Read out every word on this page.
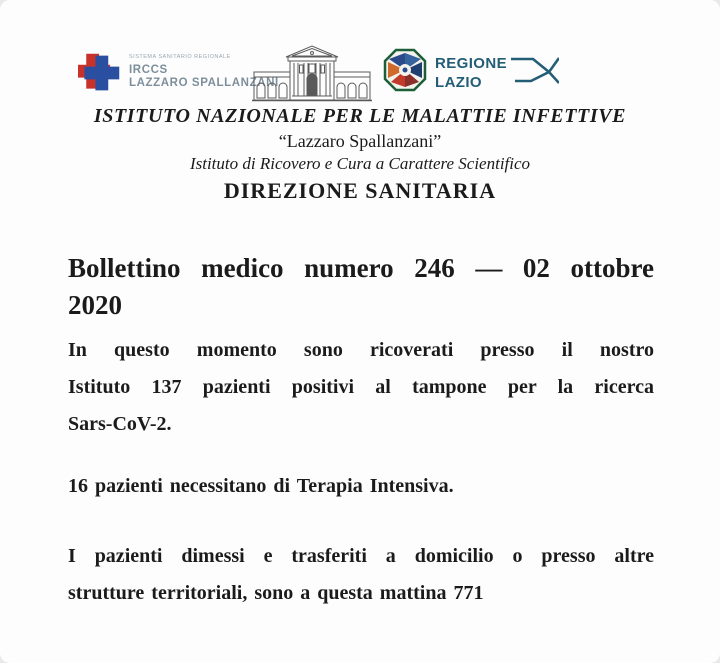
SISTEMA SANITARIO REGIONALE
IRCCS
LAZZARO SPALLANZANI
REGIONE
LAZIO
ISTITUTO NAZIONALE PER LE MALATTIE INFETTIVE
“Lazzaro Spallanzani”
Istituto di Ricovero e Cura a Carattere Scientifico
DIREZIONE SANITARIA
Bollettino medico numero 246 — 02 ottobre
2020
In questo momento sono ricoverati presso il nostro
Istituto 137 pazienti positivi al tampone per la ricerca
Sars-CoV-2.
16 pazienti necessitano di Terapia Intensiva.
I pazienti dimessi e trasferiti a domicilio o presso altre
strutture territoriali, sono a questa mattina 771
